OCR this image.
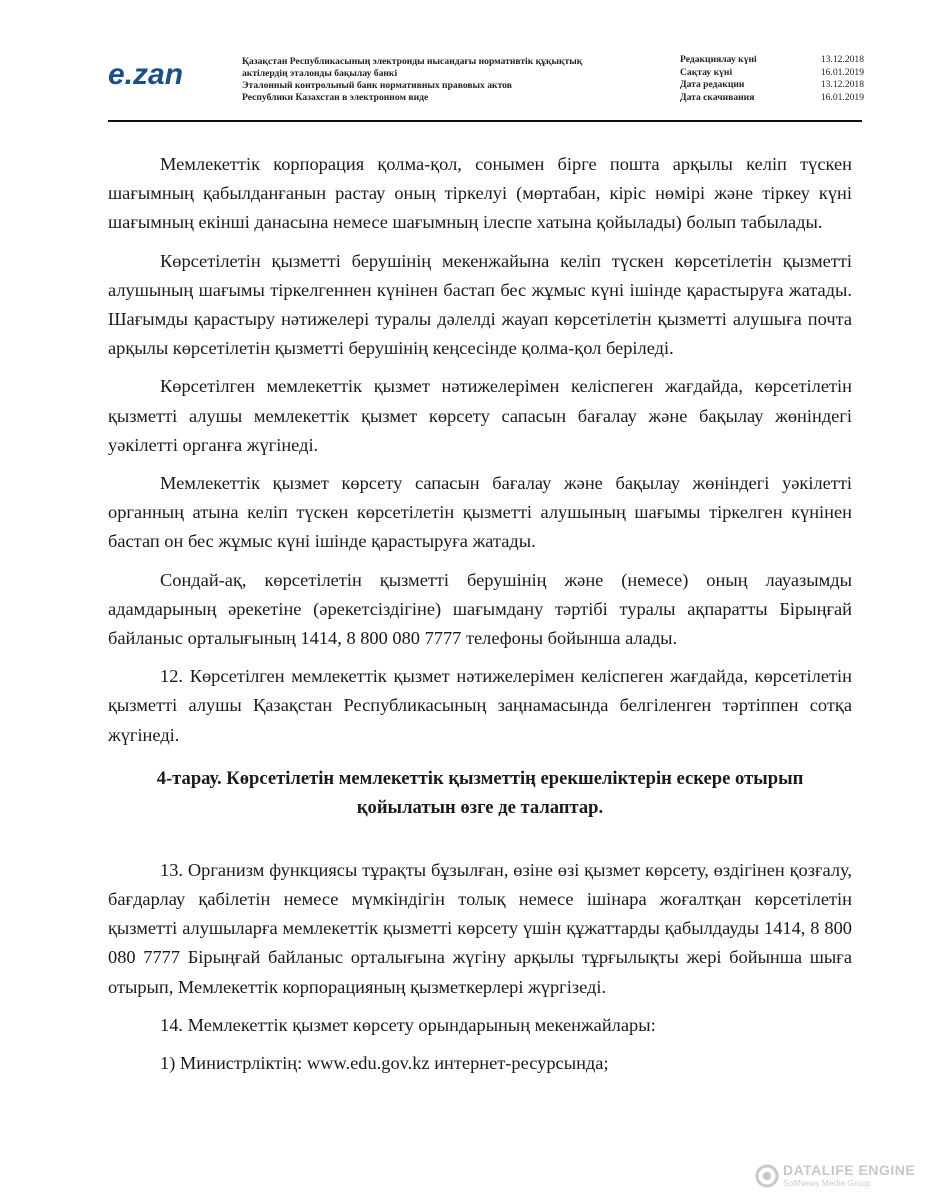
e.zan	Қазақстан Республикасының электронды нысандағы нормативтік құқықтық
актілердің эталонды бақылау банкі
Эталонный контрольный банк нормативных правовых актов
Республики Казахстан в электронном виде
Редакциялау күні	13.12.2018
Сақтау күні	16.01.2019
Дата редакции	13.12.2018
Дата скачивания	16.01.2019

Мемлекеттік корпорация қолма-қол, сонымен бірге пошта арқылы келіп түскен шағымның қабылданғанын растау оның тіркелуі (мөртабан, кіріс нөмірі және тіркеу күні шағымның екінші данасына немесе шағымның ілеспе хатына қойылады) болып табылады.

Көрсетілетін қызметті берушінің мекенжайына келіп түскен көрсетілетін қызметті алушының шағымы тіркелгеннен күнінен бастап бес жұмыс күні ішінде қарастыруға жатады. Шағымды қарастыру нәтижелері туралы дәлелді жауап көрсетілетін қызметті алушыға почта арқылы көрсетілетін қызметті берушінің кеңсесінде қолма-қол беріледі.

Көрсетілген мемлекеттік қызмет нәтижелерімен келіспеген жағдайда, көрсетілетін қызметті алушы мемлекеттік қызмет көрсету сапасын бағалау және бақылау жөніндегі уәкілетті органға жүгінеді.

Мемлекеттік қызмет көрсету сапасын бағалау және бақылау жөніндегі уәкілетті органның атына келіп түскен көрсетілетін қызметті алушының шағымы тіркелген күнінен бастап он бес жұмыс күні ішінде қарастыруға жатады.

Сондай-ақ, көрсетілетін қызметті берушінің және (немесе) оның лауазымды адамдарының әрекетіне (әрекетсіздігіне) шағымдану тәртібі туралы ақпаратты Бірыңғай байланыс орталығының 1414, 8 800 080 7777 телефоны бойынша алады.

12. Көрсетілген мемлекеттік қызмет нәтижелерімен келіспеген жағдайда, көрсетілетін қызметті алушы Қазақстан Республикасының заңнамасында белгіленген тәртіппен сотқа жүгінеді.

4-тарау. Көрсетілетін мемлекеттік қызметтің ерекшеліктерін ескере отырып қойылатын өзге де талаптар.

13. Организм функциясы тұрақты бұзылған, өзіне өзі қызмет көрсету, өздігінен қозғалу, бағдарлау қабілетін немесе мүмкіндігін толық немесе ішінара жоғалтқан көрсетілетін қызметті алушыларға мемлекеттік қызметті көрсету үшін құжаттарды қабылдауды 1414, 8 800 080 7777 Бірыңғай байланыс орталығына жүгіну арқылы тұрғылықты жері бойынша шыға отырып, Мемлекеттік корпорацияның қызметкерлері жүргізеді.

14. Мемлекеттік қызмет көрсету орындарының мекенжайлары:

1) Министрліктің: www.edu.gov.kz интернет-ресурсында;

DATALIFE ENGINE
SoftNews Media Group
